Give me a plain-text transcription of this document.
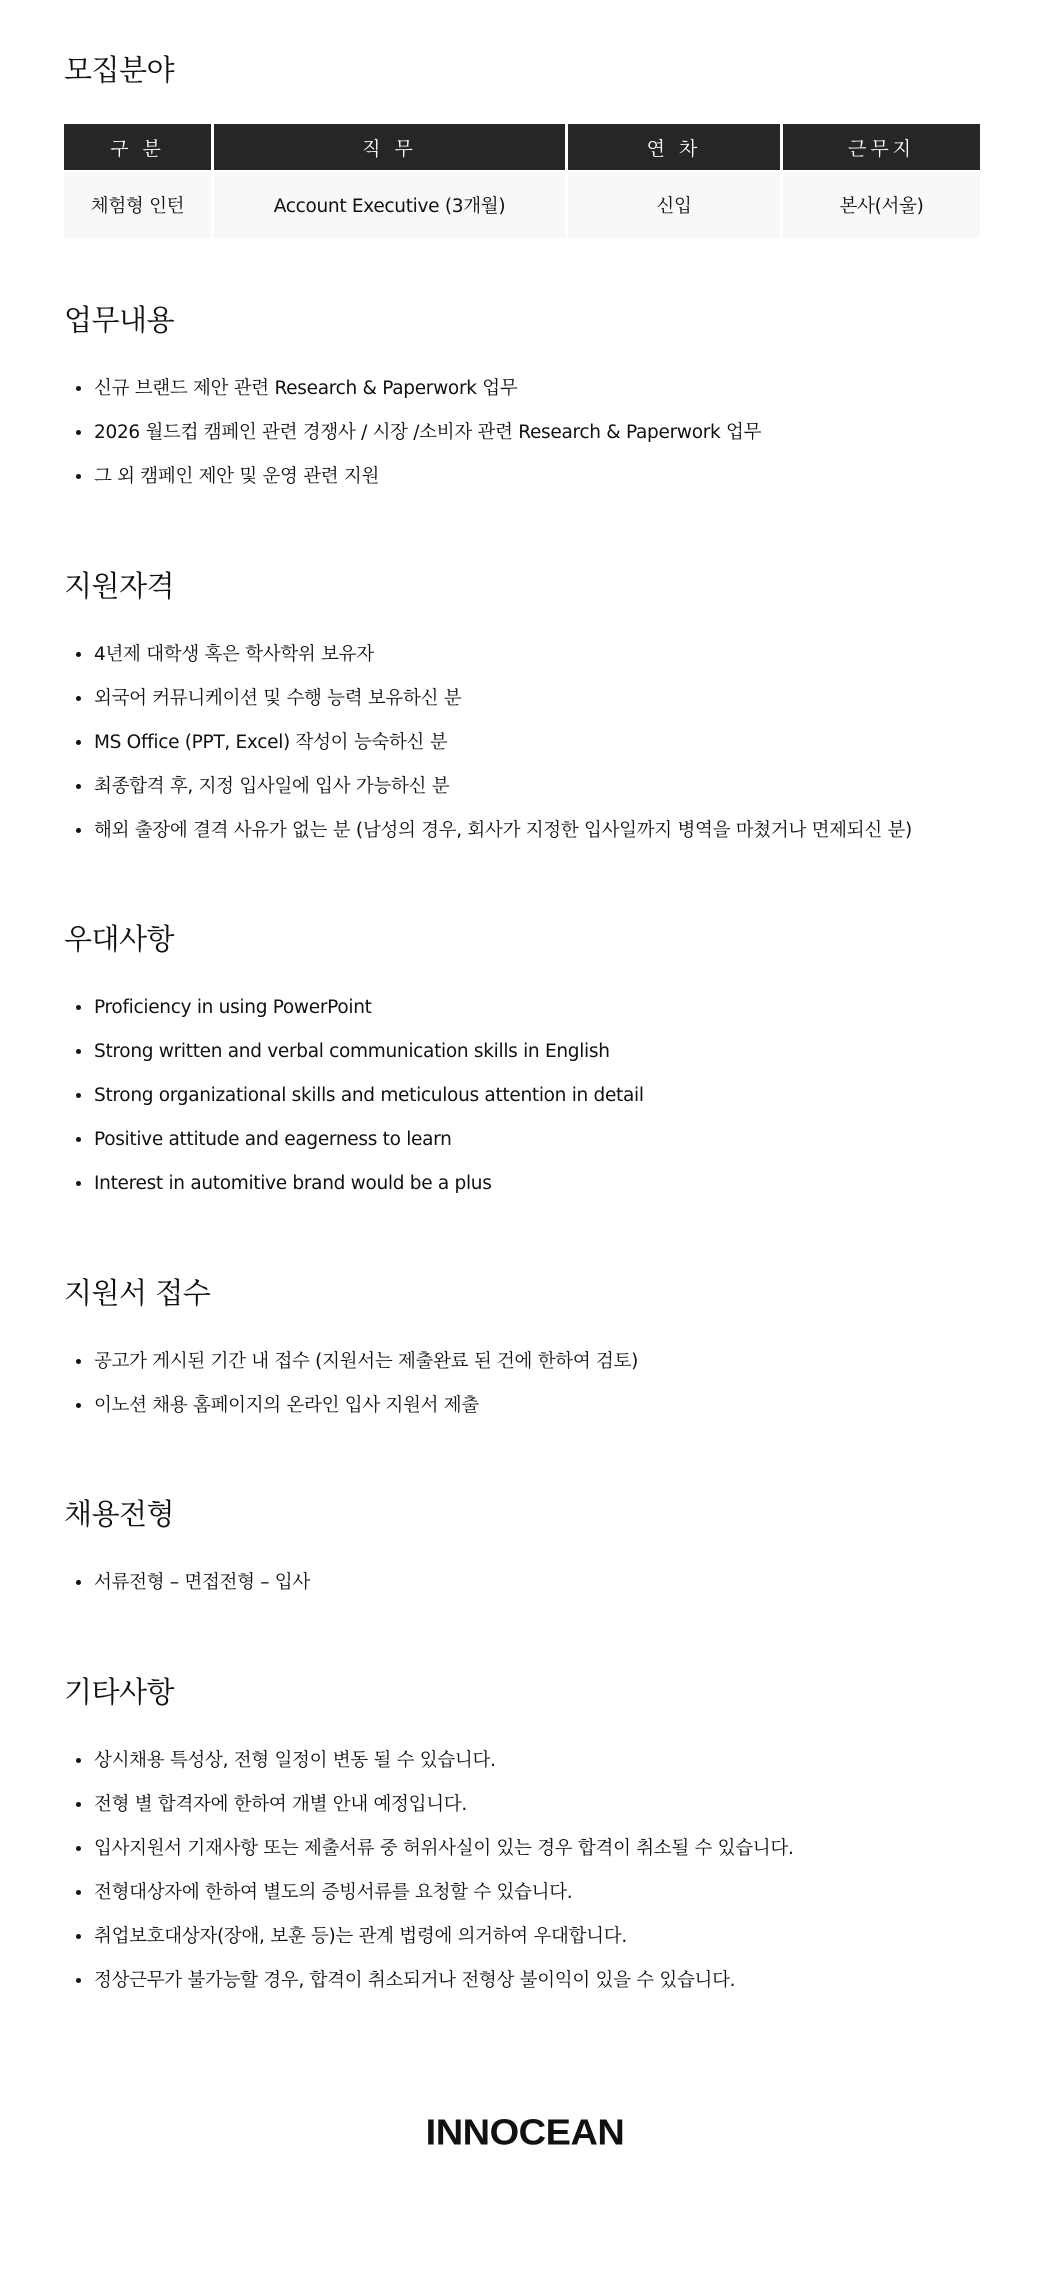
모집분야
구 분	직 무	연 차	근무지
체험형 인턴	Account Executive (3개월)	신입	본사(서울)
업무내용
신규 브랜드 제안 관련 Research & Paperwork 업무
2026 월드컵 캠페인 관련 경쟁사 / 시장 /소비자 관련 Research & Paperwork 업무
그 외 캠페인 제안 및 운영 관련 지원
지원자격
4년제 대학생 혹은 학사학위 보유자
외국어 커뮤니케이션 및 수행 능력 보유하신 분
MS Office (PPT, Excel) 작성이 능숙하신 분
최종합격 후, 지정 입사일에 입사 가능하신 분
해외 출장에 결격 사유가 없는 분 (남성의 경우, 회사가 지정한 입사일까지 병역을 마쳤거나 면제되신 분)
우대사항
Proficiency in using PowerPoint
Strong written and verbal communication skills in English
Strong organizational skills and meticulous attention in detail
Positive attitude and eagerness to learn
Interest in automitive brand would be a plus
지원서 접수
공고가 게시된 기간 내 접수 (지원서는 제출완료 된 건에 한하여 검토)
이노션 채용 홈페이지의 온라인 입사 지원서 제출
채용전형
서류전형 – 면접전형 – 입사
기타사항
상시채용 특성상, 전형 일정이 변동 될 수 있습니다.
전형 별 합격자에 한하여 개별 안내 예정입니다.
입사지원서 기재사항 또는 제출서류 중 허위사실이 있는 경우 합격이 취소될 수 있습니다.
전형대상자에 한하여 별도의 증빙서류를 요청할 수 있습니다.
취업보호대상자(장애, 보훈 등)는 관계 법령에 의거하여 우대합니다.
정상근무가 불가능할 경우, 합격이 취소되거나 전형상 불이익이 있을 수 있습니다.
INNOCEAN
